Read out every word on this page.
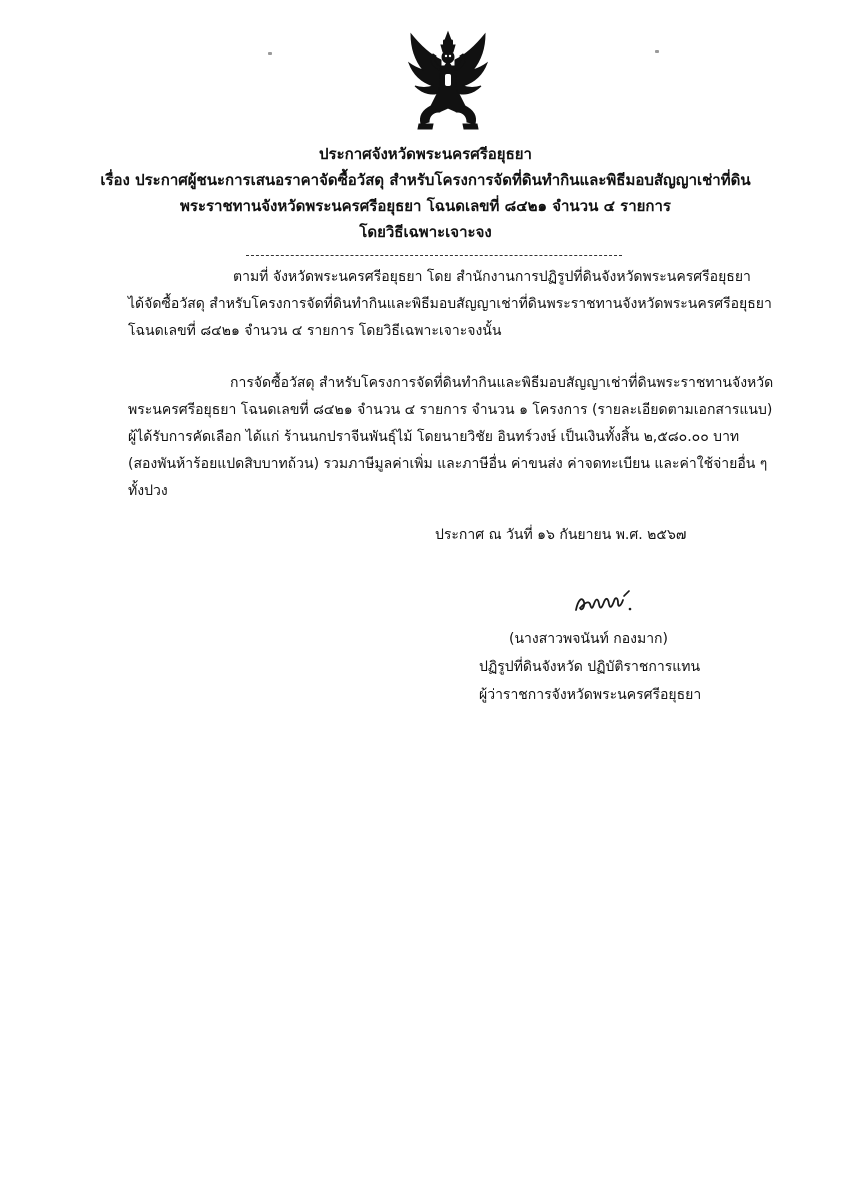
ประกาศจังหวัดพระนครศรีอยุธยา
เรื่อง ประกาศผู้ชนะการเสนอราคาจัดซื้อวัสดุ สำหรับโครงการจัดที่ดินทำกินและพิธีมอบสัญญาเช่าที่ดิน
พระราชทานจังหวัดพระนครศรีอยุธยา โฉนดเลขที่ ๘๔๒๑ จำนวน ๔ รายการ
โดยวิธีเฉพาะเจาะจง
ตามที่ จังหวัดพระนครศรีอยุธยา โดย สำนักงานการปฏิรูปที่ดินจังหวัดพระนครศรีอยุธยา
ได้จัดซื้อวัสดุ สำหรับโครงการจัดที่ดินทำกินและพิธีมอบสัญญาเช่าที่ดินพระราชทานจังหวัดพระนครศรีอยุธยา
โฉนดเลขที่ ๘๔๒๑ จำนวน ๔ รายการ โดยวิธีเฉพาะเจาะจงนั้น
การจัดซื้อวัสดุ สำหรับโครงการจัดที่ดินทำกินและพิธีมอบสัญญาเช่าที่ดินพระราชทานจังหวัด
พระนครศรีอยุธยา โฉนดเลขที่ ๘๔๒๑ จำนวน ๔ รายการ จำนวน ๑ โครงการ (รายละเอียดตามเอกสารแนบ)
ผู้ได้รับการคัดเลือก ได้แก่ ร้านนกปราจีนพันธุ์ไม้ โดยนายวิชัย อินทร์วงษ์ เป็นเงินทั้งสิ้น ๒,๕๘๐.๐๐ บาท
(สองพันห้าร้อยแปดสิบบาทถ้วน) รวมภาษีมูลค่าเพิ่ม และภาษีอื่น ค่าขนส่ง ค่าจดทะเบียน และค่าใช้จ่ายอื่น ๆ
ทั้งปวง
ประกาศ ณ วันที่ ๑๖ กันยายน พ.ศ. ๒๕๖๗
(นางสาวพจนันท์ กองมาก)
ปฏิรูปที่ดินจังหวัด ปฏิบัติราชการแทน
ผู้ว่าราชการจังหวัดพระนครศรีอยุธยา
